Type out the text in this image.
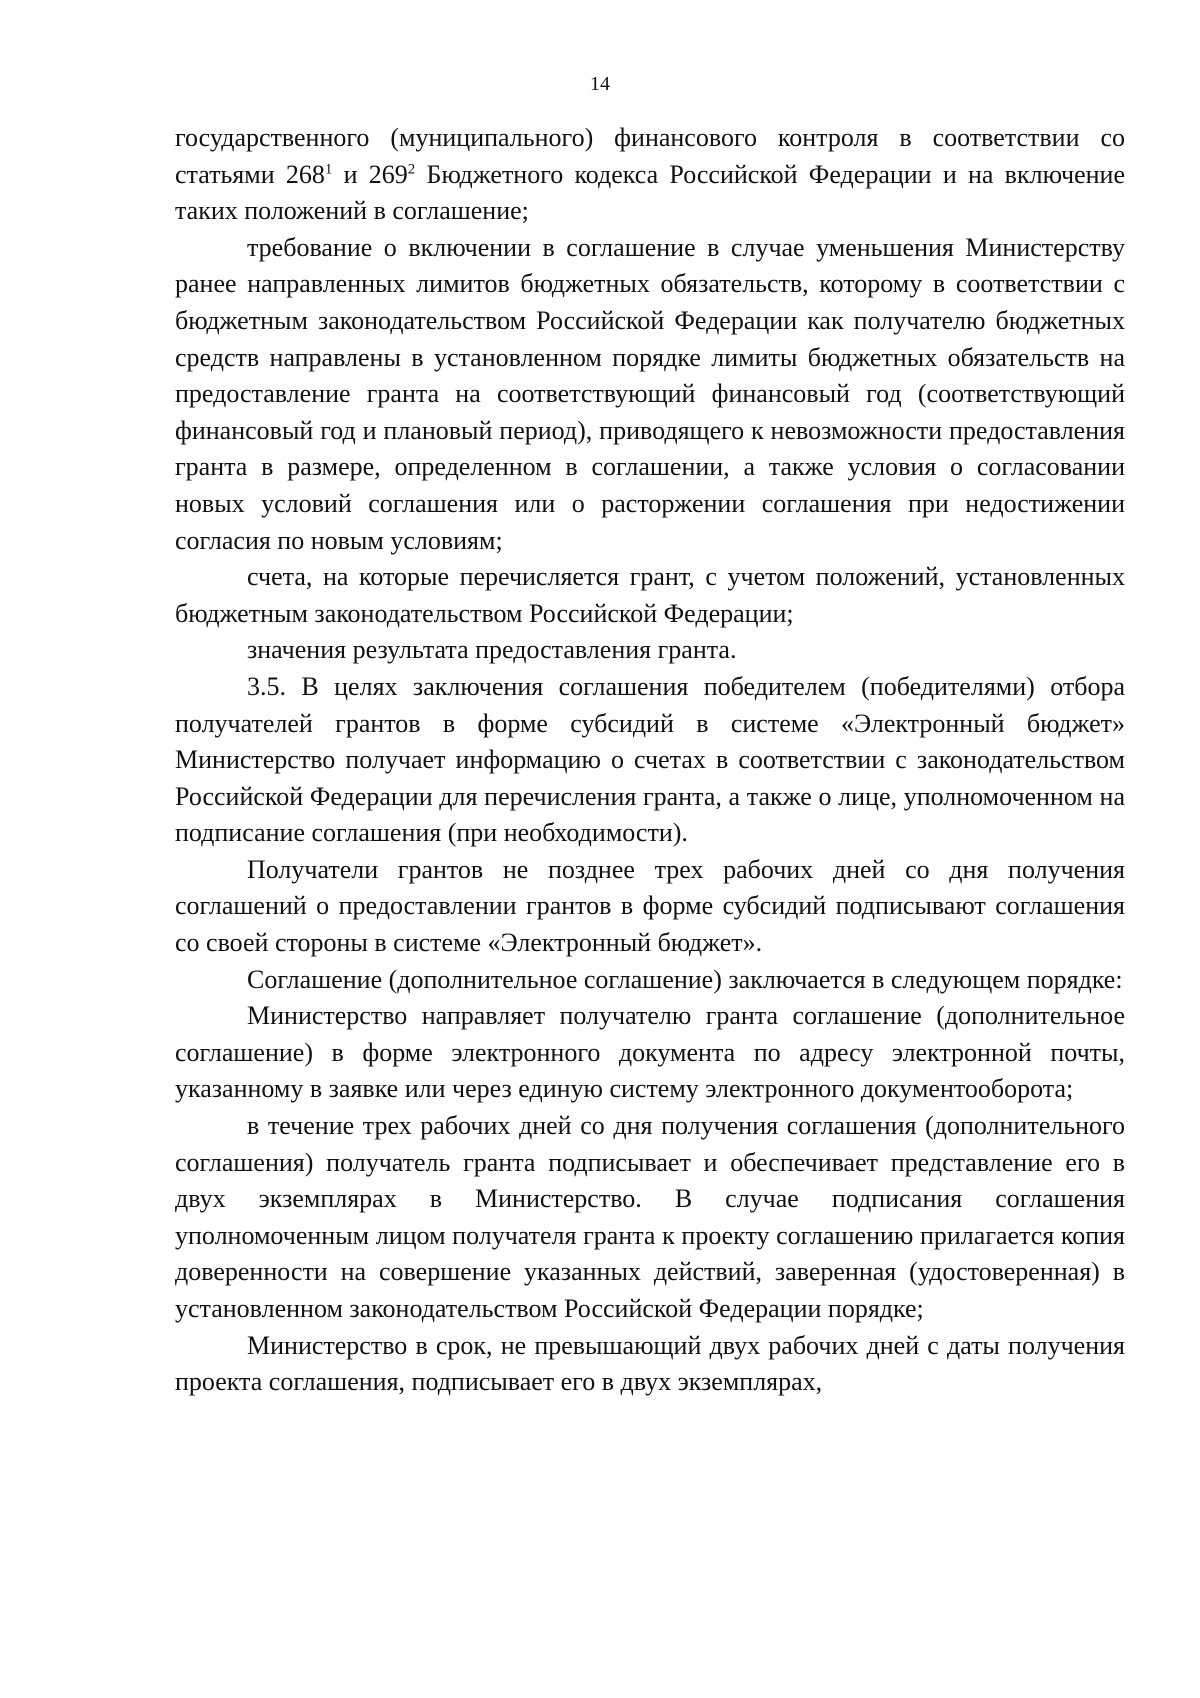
14

государственного (муниципального) финансового контроля в соответствии со статьями $268^1$ и $269^2$ Бюджетного кодекса Российской Федерации и на включение таких положений в соглашение;

требование о включении в соглашение в случае уменьшения Министерству ранее направленных лимитов бюджетных обязательств, которому в соответствии с бюджетным законодательством Российской Федерации как получателю бюджетных средств направлены в установленном порядке лимиты бюджетных обязательств на предоставление гранта на соответствующий финансовый год (соответствующий финансовый год и плановый период), приводящего к невозможности предоставления гранта в размере, определенном в соглашении, а также условия о согласовании новых условий соглашения или о расторжении соглашения при недостижении согласия по новым условиям;

счета, на которые перечисляется грант, с учетом положений, установленных бюджетным законодательством Российской Федерации;

значения результата предоставления гранта.

3.5. В целях заключения соглашения победителем (победителями) отбора получателей грантов в форме субсидий в системе «Электронный бюджет» Министерство получает информацию о счетах в соответствии с законодательством Российской Федерации для перечисления гранта, а также о лице, уполномоченном на подписание соглашения (при необходимости).

Получатели грантов не позднее трех рабочих дней со дня получения соглашений о предоставлении грантов в форме субсидий подписывают соглашения со своей стороны в системе «Электронный бюджет».

Соглашение (дополнительное соглашение) заключается в следующем порядке:

Министерство направляет получателю гранта соглашение (дополнительное соглашение) в форме электронного документа по адресу электронной почты, указанному в заявке или через единую систему электронного документооборота;

в течение трех рабочих дней со дня получения соглашения (дополнительного соглашения) получатель гранта подписывает и обеспечивает представление его в двух экземплярах в Министерство. В случае подписания соглашения уполномоченным лицом получателя гранта к проекту соглашению прилагается копия доверенности на совершение указанных действий, заверенная (удостоверенная) в установленном законодательством Российской Федерации порядке;

Министерство в срок, не превышающий двух рабочих дней с даты получения проекта соглашения, подписывает его в двух экземплярах,
